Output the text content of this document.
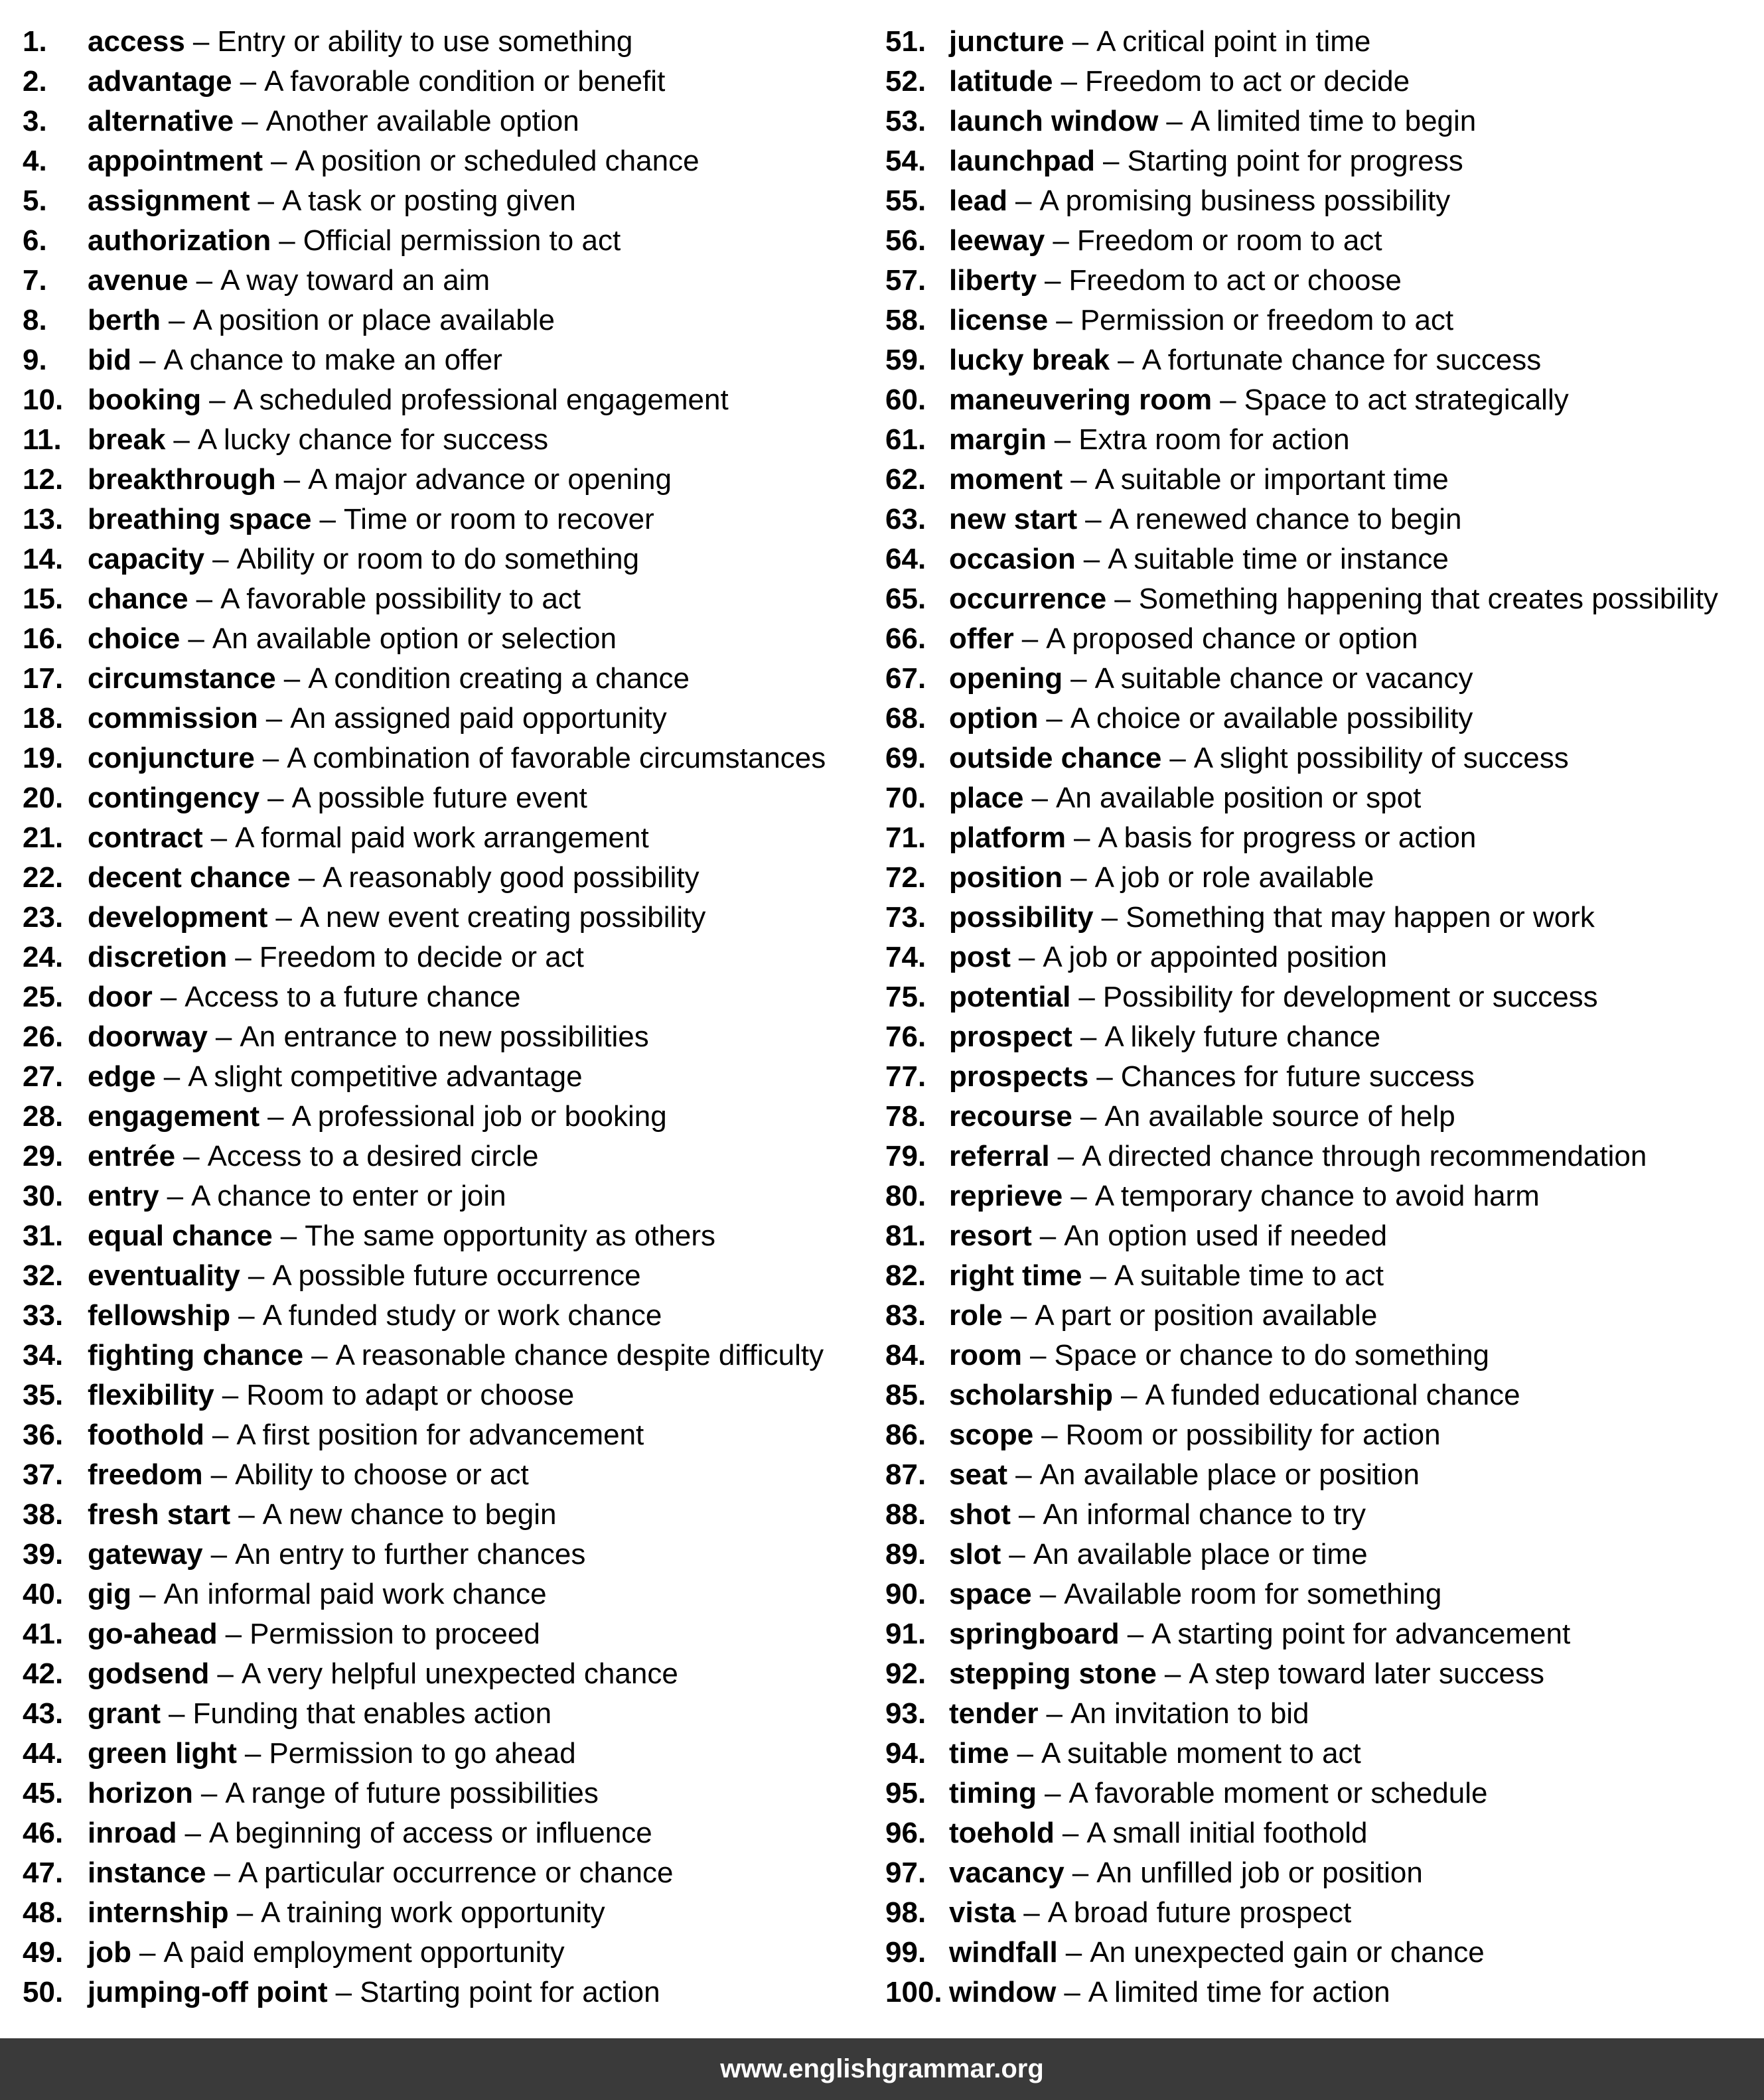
1.	access – Entry or ability to use something
2.	advantage – A favorable condition or benefit
3.	alternative – Another available option
4.	appointment – A position or scheduled chance
5.	assignment – A task or posting given
6.	authorization – Official permission to act
7.	avenue – A way toward an aim
8.	berth – A position or place available
9.	bid – A chance to make an offer
10. booking – A scheduled professional engagement
11. break – A lucky chance for success
12. breakthrough – A major advance or opening
13. breathing space – Time or room to recover
14. capacity – Ability or room to do something
15. chance – A favorable possibility to act
16. choice – An available option or selection
17. circumstance – A condition creating a chance
18. commission – An assigned paid opportunity
19. conjuncture – A combination of favorable circumstances
20. contingency – A possible future event
21. contract – A formal paid work arrangement
22. decent chance – A reasonably good possibility
23. development – A new event creating possibility
24. discretion – Freedom to decide or act
25. door – Access to a future chance
26. doorway – An entrance to new possibilities
27. edge – A slight competitive advantage
28. engagement – A professional job or booking
29. entrée – Access to a desired circle
30. entry – A chance to enter or join
31. equal chance – The same opportunity as others
32. eventuality – A possible future occurrence
33. fellowship – A funded study or work chance
34. fighting chance – A reasonable chance despite difficulty
35. flexibility – Room to adapt or choose
36. foothold – A first position for advancement
37. freedom – Ability to choose or act
38. fresh start – A new chance to begin
39. gateway – An entry to further chances
40. gig – An informal paid work chance
41. go-ahead – Permission to proceed
42. godsend – A very helpful unexpected chance
43. grant – Funding that enables action
44. green light – Permission to go ahead
45. horizon – A range of future possibilities
46. inroad – A beginning of access or influence
47. instance – A particular occurrence or chance
48. internship – A training work opportunity
49. job – A paid employment opportunity
50. jumping-off point – Starting point for action
51. juncture – A critical point in time
52. latitude – Freedom to act or decide
53. launch window – A limited time to begin
54. launchpad – Starting point for progress
55. lead – A promising business possibility
56. leeway – Freedom or room to act
57. liberty – Freedom to act or choose
58. license – Permission or freedom to act
59. lucky break – A fortunate chance for success
60. maneuvering room – Space to act strategically
61. margin – Extra room for action
62. moment – A suitable or important time
63. new start – A renewed chance to begin
64. occasion – A suitable time or instance
65. occurrence – Something happening that creates possibility
66. offer – A proposed chance or option
67. opening – A suitable chance or vacancy
68. option – A choice or available possibility
69. outside chance – A slight possibility of success
70. place – An available position or spot
71. platform – A basis for progress or action
72. position – A job or role available
73. possibility – Something that may happen or work
74. post – A job or appointed position
75. potential – Possibility for development or success
76. prospect – A likely future chance
77. prospects – Chances for future success
78. recourse – An available source of help
79. referral – A directed chance through recommendation
80. reprieve – A temporary chance to avoid harm
81. resort – An option used if needed
82. right time – A suitable time to act
83. role – A part or position available
84. room – Space or chance to do something
85. scholarship – A funded educational chance
86. scope – Room or possibility for action
87. seat – An available place or position
88. shot – An informal chance to try
89. slot – An available place or time
90. space – Available room for something
91. springboard – A starting point for advancement
92. stepping stone – A step toward later success
93. tender – An invitation to bid
94. time – A suitable moment to act
95. timing – A favorable moment or schedule
96. toehold – A small initial foothold
97. vacancy – An unfilled job or position
98. vista – A broad future prospect
99. windfall – An unexpected gain or chance
100. window – A limited time for action
www.englishgrammar.org
